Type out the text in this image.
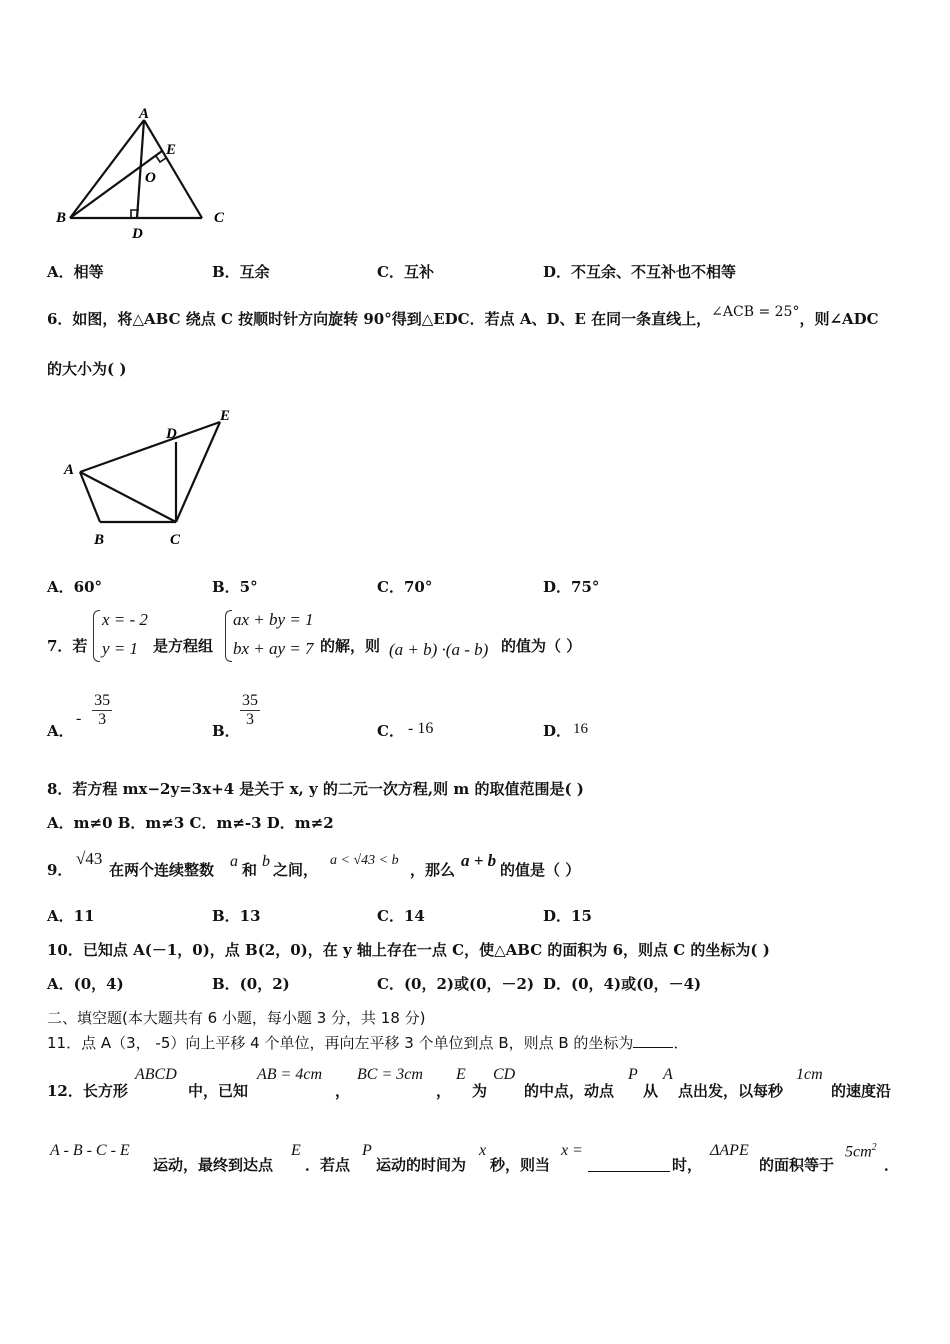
A
E
O
B	C
D
A．相等	B．互余	C．互补	D．不互余、不互补也不相等
6．如图，将△ABC 绕点 C 按顺时针方向旋转 90°得到△EDC．若点 A、D、E 在同一条直线上，∠ACB = 25°，则∠ADC
的大小为( )
A
B	C
D
E
A．60°	B．5°	C．70°	D．75°
7．若
x = - 2
y = 1 是方程组
ax + by = 1
bx + ay = 7 的解，则 (a + b) ·(a - b) 的值为（ ）
A．
- $\frac{35}{3}$
B．
$\frac{35}{3}$
C． - 16	D． 16
8．若方程 mx−2y=3x+4 是关于 x, y 的二元一次方程,则 m 的取值范围是( )
A．m≠0 B．m≠3 C．m≠-3 D．m≠2
9．
√43
在两个连续整数 a 和 b 之间，
a < √43 < b
，那么 a + b 的值是（ ）
A．11	B．13	C．14	D．15
10．已知点 A(－1，0)，点 B(2，0)，在 y 轴上存在一点 C，使△ABC 的面积为 6，则点 C 的坐标为( )
A．(0，4)	B．(0，2)	C．(0，2)或(0，－2) D．(0，4)或(0，－4)
二、填空题(本大题共有 6 小题，每小题 3 分，共 18 分)
11．点 A（3， -5）向上平移 4 个单位，再向左平移 3 个单位到点 B，则点 B 的坐标为	．
12．长方形
ABCD
中，已知
AB = 4cm
，
BC = 3cm
，
E
为
CD
的中点，动点
P
从
A
点出发，以每秒
1cm
的速度沿
A - B - C - E
运动，最终到达点
E
．若点
P
运动的时间为
x
秒，则当
x =
时，
ΔAPE
的面积等于
$5cm^2$
．
